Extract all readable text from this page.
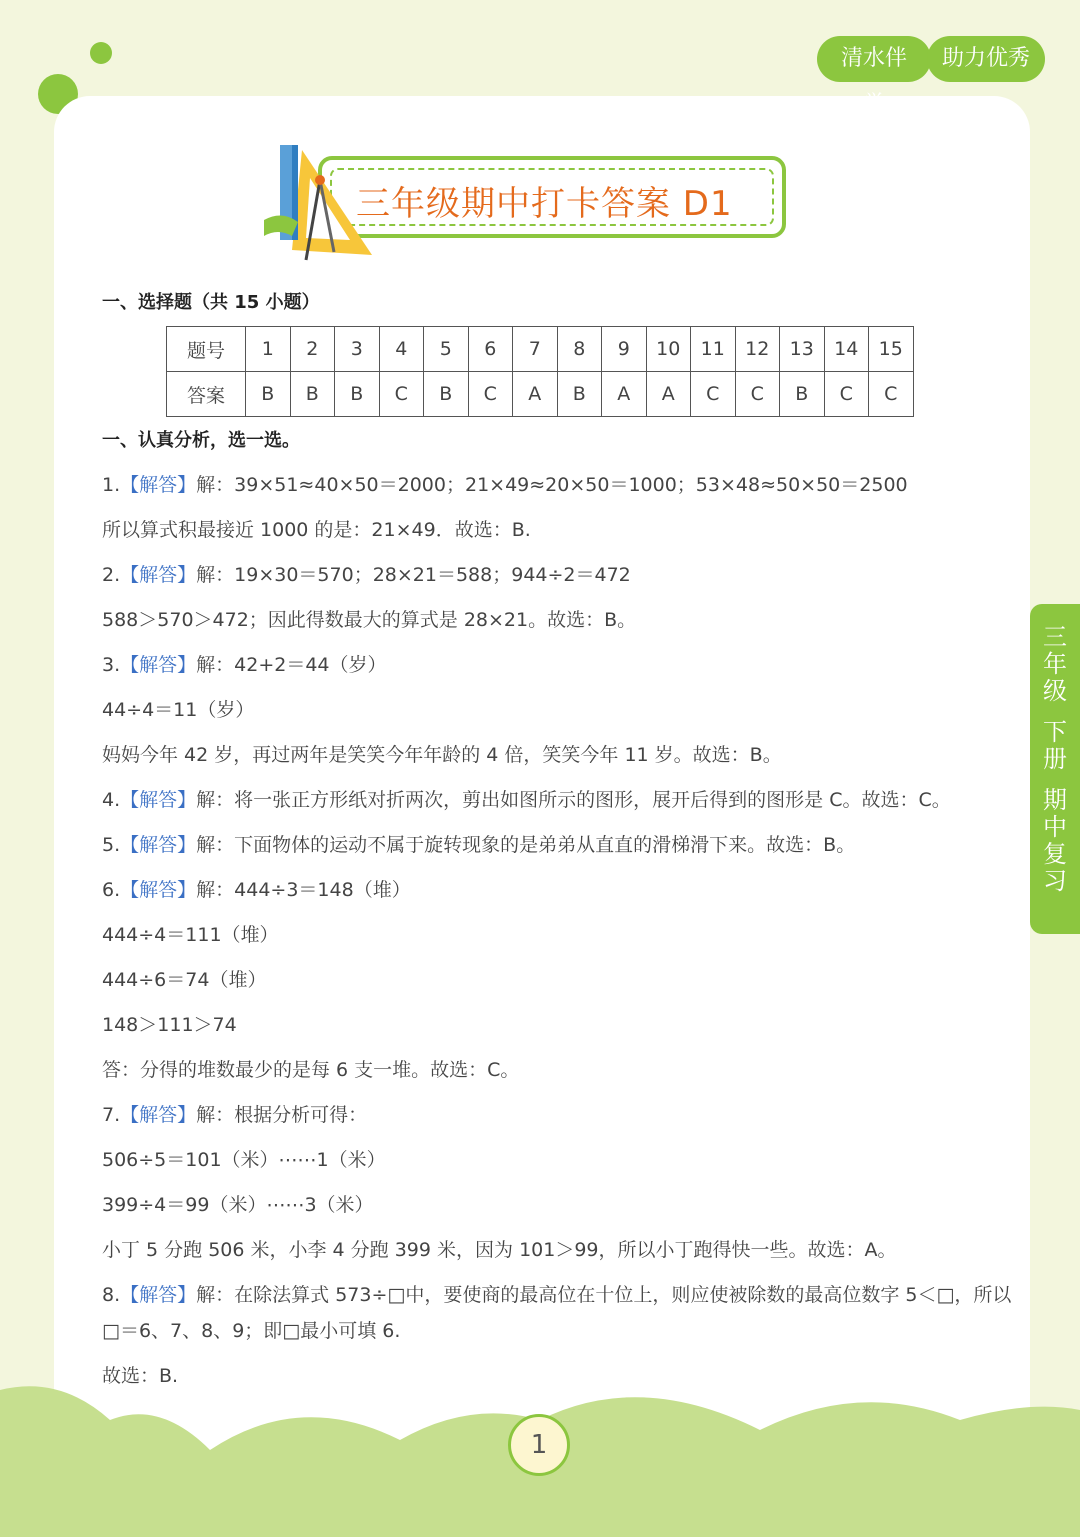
清水伴	助力优秀
三年级
下册
期中复习
三年级期中打卡答案 D1
一、选择题（共 15 小题）
题号	1	2	3	4	5	6	7	8	9	10	11	12	13	14	15
答案	B	B	B	C	B	C	A	B	A	A	C	C	B	C	C
一、认真分析，选一选。
1.【解答】解：39×51≈40×50＝2000；21×49≈20×50＝1000；53×48≈50×50＝2500
所以算式积最接近 1000 的是：21×49．故选：B.
2.【解答】解：19×30＝570；28×21＝588；944÷2＝472
588＞570＞472；因此得数最大的算式是 28×21。故选：B。
3.【解答】解：42+2＝44（岁）
44÷4＝11（岁）
妈妈今年 42 岁，再过两年是笑笑今年年龄的 4 倍，笑笑今年 11 岁。故选：B。
4.【解答】解：将一张正方形纸对折两次，剪出如图所示的图形，展开后得到的图形是 C。故选：C。
5.【解答】解：下面物体的运动不属于旋转现象的是弟弟从直直的滑梯滑下来。故选：B。
6.【解答】解：444÷3＝148（堆）
444÷4＝111（堆）
444÷6＝74（堆）
148＞111＞74
答：分得的堆数最少的是每 6 支一堆。故选：C。
7.【解答】解：根据分析可得：
506÷5＝101（米）⋯⋯1（米）
399÷4＝99（米）⋯⋯3（米）
小丁 5 分跑 506 米，小李 4 分跑 399 米，因为 101＞99，所以小丁跑得快一些。故选：A。
8.【解答】解：在除法算式 573÷□中，要使商的最高位在十位上，则应使被除数的最高位数字 5＜□，所以
□＝6、7、8、9；即□最小可填 6.
故选：B.
1
